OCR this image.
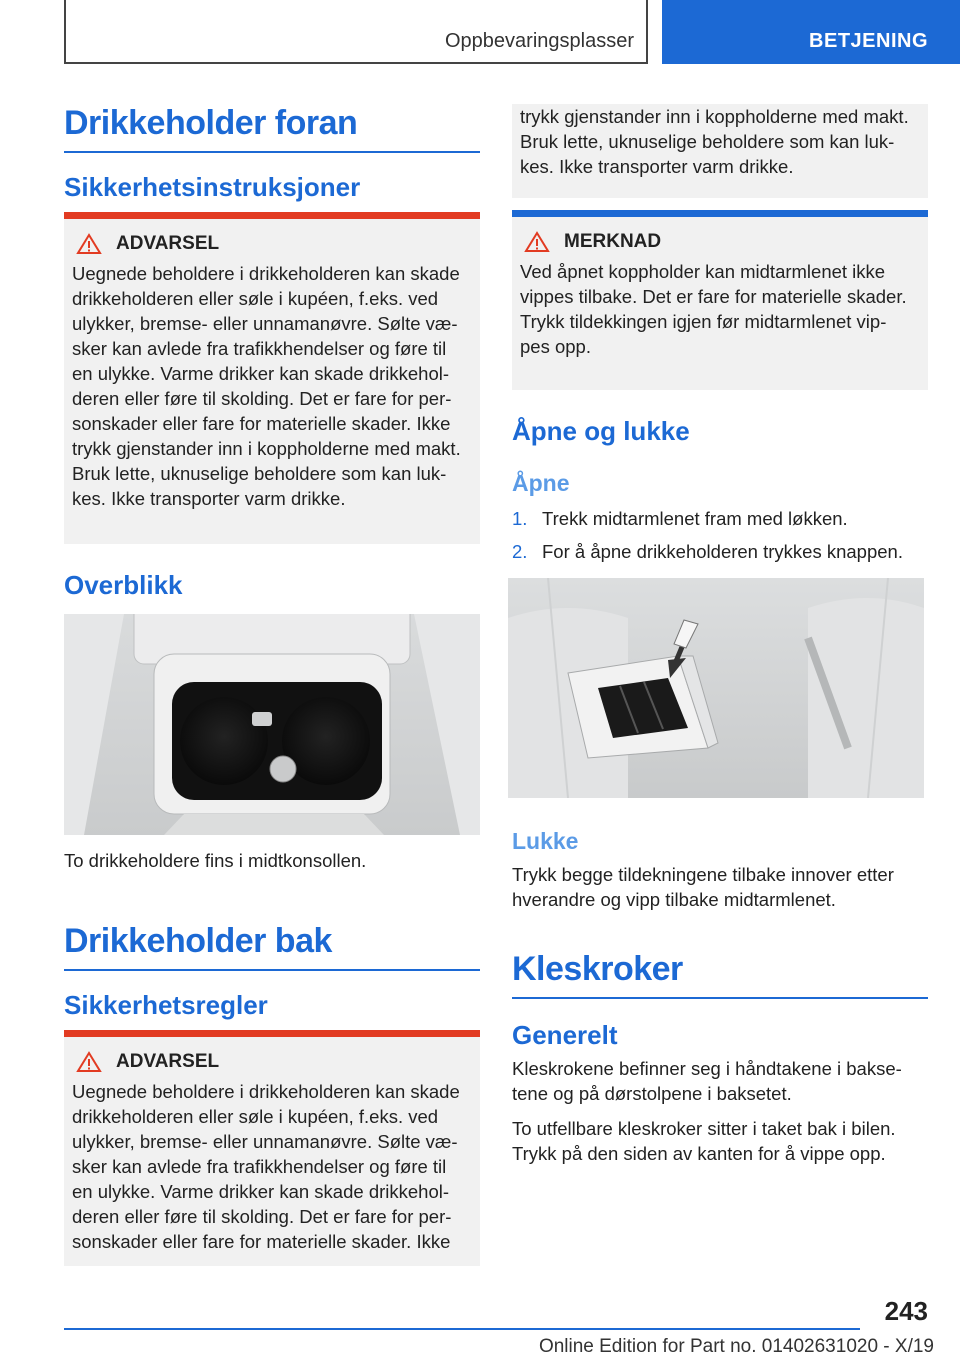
Oppbevaringsplasser	BETJENING
Drikkeholder foran
Sikkerhetsinstruksjoner
ADVARSEL
Uegnede beholdere i drikkeholderen kan skade
drikkeholderen eller søle i kupéen, f.eks. ved
ulykker, bremse- eller unnamanøvre. Sølte væ-
sker kan avlede fra trafikkhendelser og føre til
en ulykke. Varme drikker kan skade drikkehol-
deren eller føre til skolding. Det er fare for per-
sonskader eller fare for materielle skader. Ikke
trykk gjenstander inn i koppholderne med makt.
Bruk lette, uknuselige beholdere som kan luk-
kes. Ikke transporter varm drikke.
Overblikk
To drikkeholdere fins i midtkonsollen.
Drikkeholder bak
Sikkerhetsregler
ADVARSEL
Uegnede beholdere i drikkeholderen kan skade
drikkeholderen eller søle i kupéen, f.eks. ved
ulykker, bremse- eller unnamanøvre. Sølte væ-
sker kan avlede fra trafikkhendelser og føre til
en ulykke. Varme drikker kan skade drikkehol-
deren eller føre til skolding. Det er fare for per-
sonskader eller fare for materielle skader. Ikke
trykk gjenstander inn i koppholderne med makt.
Bruk lette, uknuselige beholdere som kan luk-
kes. Ikke transporter varm drikke.
MERKNAD
Ved åpnet koppholder kan midtarmlenet ikke
vippes tilbake. Det er fare for materielle skader.
Trykk tildekkingen igjen før midtarmlenet vip-
pes opp.
Åpne og lukke
Åpne
1. Trekk midtarmlenet fram med løkken.
2. For å åpne drikkeholderen trykkes knappen.
Lukke
Trykk begge tildekningene tilbake innover etter
hverandre og vipp tilbake midtarmlenet.
Kleskroker
Generelt
Kleskrokene befinner seg i håndtakene i bakse-
tene og på dørstolpene i baksetet.
To utfellbare kleskroker sitter i taket bak i bilen.
Trykk på den siden av kanten for å vippe opp.
243
Online Edition for Part no. 01402631020 - X/19
